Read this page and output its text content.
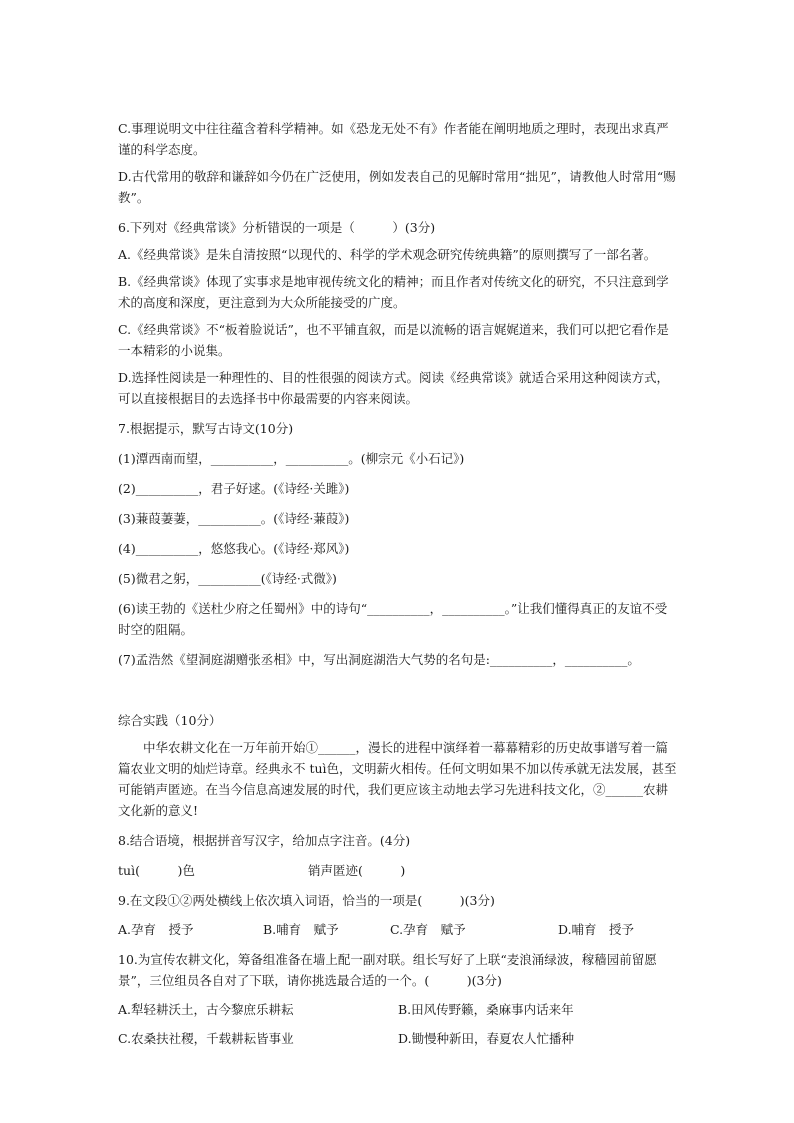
C.事理说明文中往往蕴含着科学精神。如《恐龙无处不有》作者能在阐明地质之理时，表现出求真严谨的科学态度。

D.古代常用的敬辞和谦辞如今仍在广泛使用，例如发表自己的见解时常用“拙见”，请教他人时常用“赐教”。

6.下列对《经典常谈》分析错误的一项是（　　　）(3分)

A.《经典常谈》是朱自清按照“以现代的、科学的学术观念研究传统典籍”的原则撰写了一部名著。

B.《经典常谈》体现了实事求是地审视传统文化的精神；而且作者对传统文化的研究，不只注意到学术的高度和深度，更注意到为大众所能接受的广度。

C.《经典常谈》不“板着脸说话”，也不平铺直叙，而是以流畅的语言娓娓道来，我们可以把它看作是一本精彩的小说集。

D.选择性阅读是一种理性的、目的性很强的阅读方式。阅读《经典常谈》就适合采用这种阅读方式，可以直接根据目的去选择书中你最需要的内容来阅读。

7.根据提示，默写古诗文(10分)

(1)潭西南而望，__________，__________。(柳宗元《小石记》)

(2)__________，君子好逑。(《诗经·关雎》)

(3)蒹葭萋萋，__________。(《诗经·蒹葭》)

(4)__________，悠悠我心。(《诗经·郑风》)

(5)微君之躬，__________(《诗经·式微》)

(6)读王勃的《送杜少府之任蜀州》中的诗句“__________，__________。”让我们懂得真正的友谊不受时空的阻隔。

(7)孟浩然《望洞庭湖赠张丞相》中，写出洞庭湖浩大气势的名句是:__________，__________。

综合实践（10分）

中华农耕文化在一万年前开始①______，漫长的进程中演绎着一幕幕精彩的历史故事谱写着一篇篇农业文明的灿烂诗章。经典永不 tuì色，文明薪火相传。任何文明如果不加以传承就无法发展，甚至可能销声匿迹。在当今信息高速发展的时代，我们更应该主动地去学习先进科技文化，②______农耕文化新的意义!

8.结合语境，根据拼音写汉字，给加点字注音。(4分)

tuì(　　　)色	销声匿迹(　　　)

9.在文段①②两处横线上依次填入词语，恰当的一项是(　　　)(3分)

A.孕育　授予	B.哺育　赋予	C.孕育　赋予	D.哺育　授予

10.为宣传农耕文化，筹备组准备在墙上配一副对联。组长写好了上联“麦浪涌绿波，稼穑园前留愿景”，三位组员各自对了下联，请你挑选最合适的一个。(　　　)(3分)

A.犁轻耕沃土，古今黎庶乐耕耘	B.田风传野籁，桑麻事内话来年
C.农桑扶社稷，千载耕耘皆事业	D.锄慢种新田，春夏农人忙播种
